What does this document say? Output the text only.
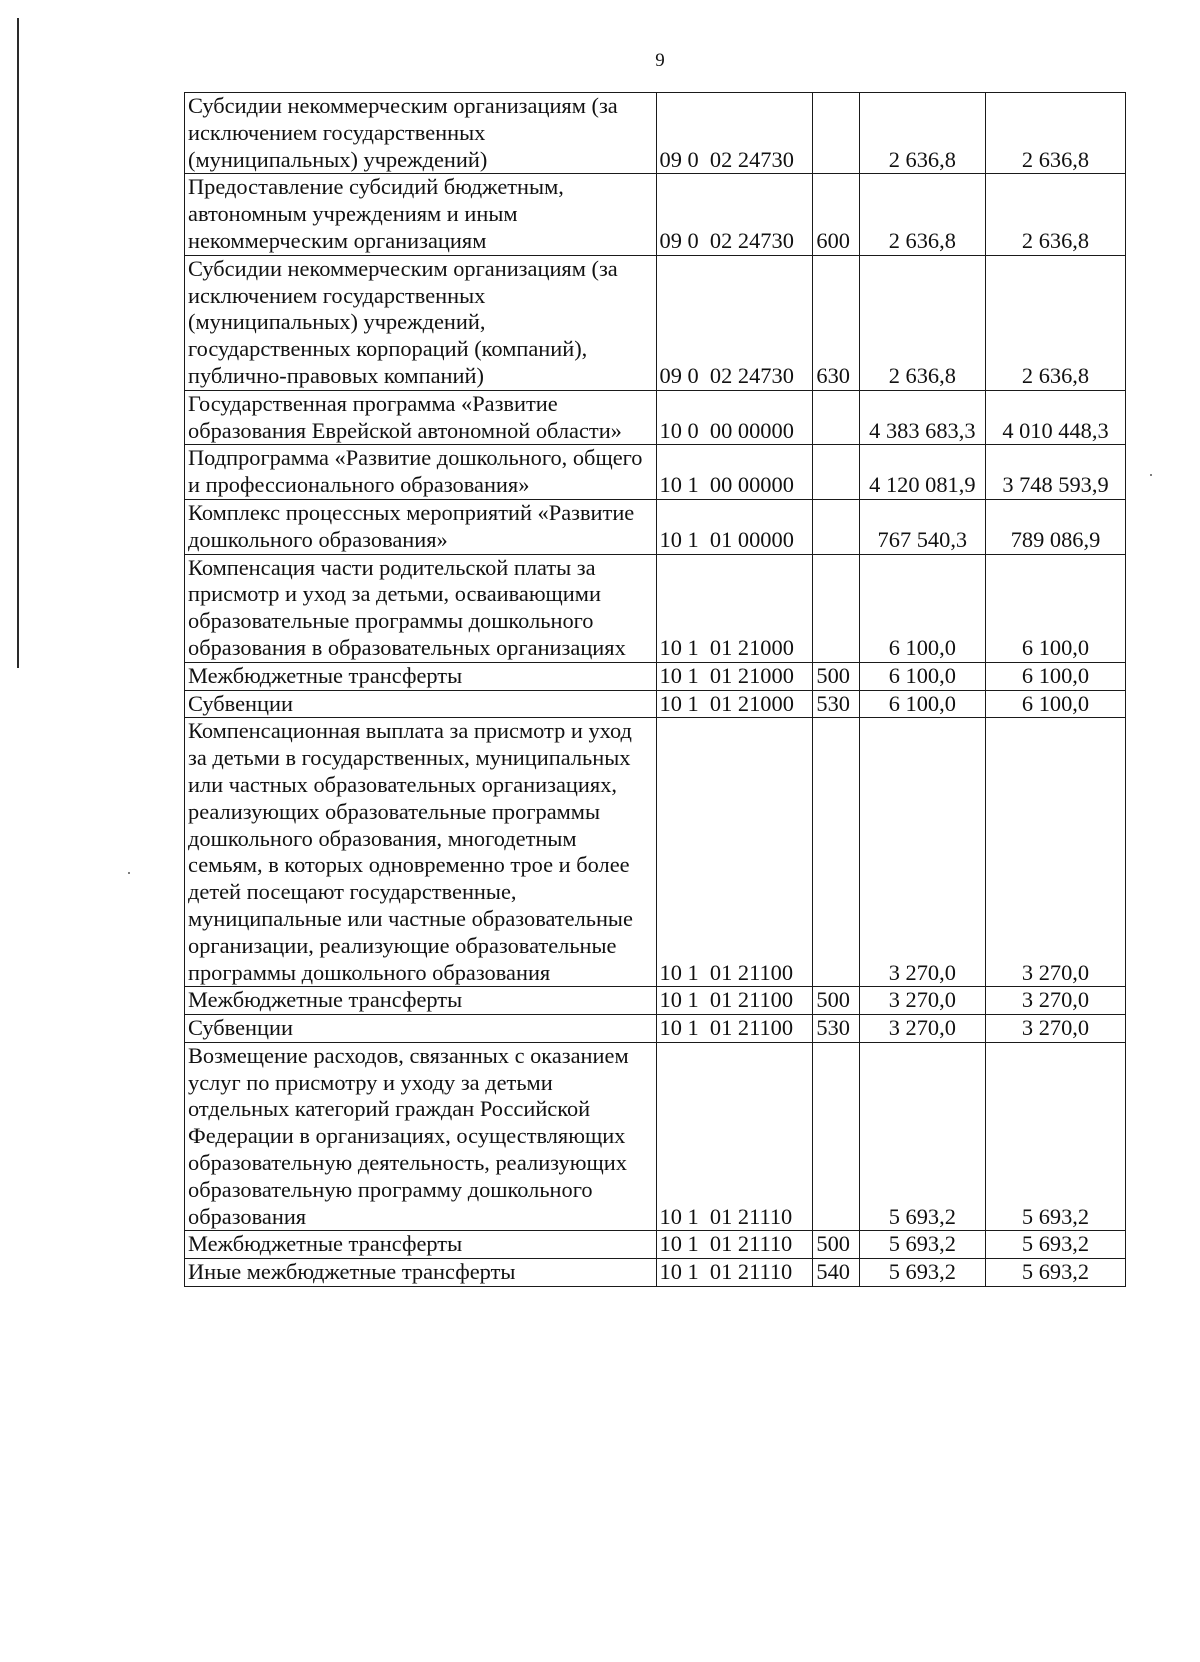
9
Субсидии некоммерческим организациям (за исключением государственных (муниципальных) учреждений)	09 0  02 24730		2 636,8	2 636,8
Предоставление субсидий бюджетным, автономным учреждениям и иным некоммерческим организациям	09 0  02 24730	600	2 636,8	2 636,8
Субсидии некоммерческим организациям (за исключением государственных (муниципальных) учреждений, государственных корпораций (компаний), публично-правовых компаний)	09 0  02 24730	630	2 636,8	2 636,8
Государственная программа «Развитие образования Еврейской автономной области»	10 0  00 00000		4 383 683,3	4 010 448,3
Подпрограмма «Развитие дошкольного, общего и профессионального образования»	10 1  00 00000		4 120 081,9	3 748 593,9
Комплекс процессных мероприятий «Развитие дошкольного образования»	10 1  01 00000		767 540,3	789 086,9
Компенсация части родительской платы за присмотр и уход за детьми, осваивающими образовательные программы дошкольного образования в образовательных организациях	10 1  01 21000		6 100,0	6 100,0
Межбюджетные трансферты	10 1  01 21000	500	6 100,0	6 100,0
Субвенции	10 1  01 21000	530	6 100,0	6 100,0
Компенсационная выплата за присмотр и уход за детьми в государственных, муниципальных или частных образовательных организациях, реализующих образовательные программы дошкольного образования, многодетным семьям, в которых одновременно трое и более детей посещают государственные, муниципальные или частные образовательные организации, реализующие образовательные программы дошкольного образования	10 1  01 21100		3 270,0	3 270,0
Межбюджетные трансферты	10 1  01 21100	500	3 270,0	3 270,0
Субвенции	10 1  01 21100	530	3 270,0	3 270,0
Возмещение расходов, связанных с оказанием услуг по присмотру и уходу за детьми отдельных категорий граждан Российской Федерации в организациях, осуществляющих образовательную деятельность, реализующих образовательную программу дошкольного образования	10 1  01 21110		5 693,2	5 693,2
Межбюджетные трансферты	10 1  01 21110	500	5 693,2	5 693,2
Иные межбюджетные трансферты	10 1  01 21110	540	5 693,2	5 693,2
